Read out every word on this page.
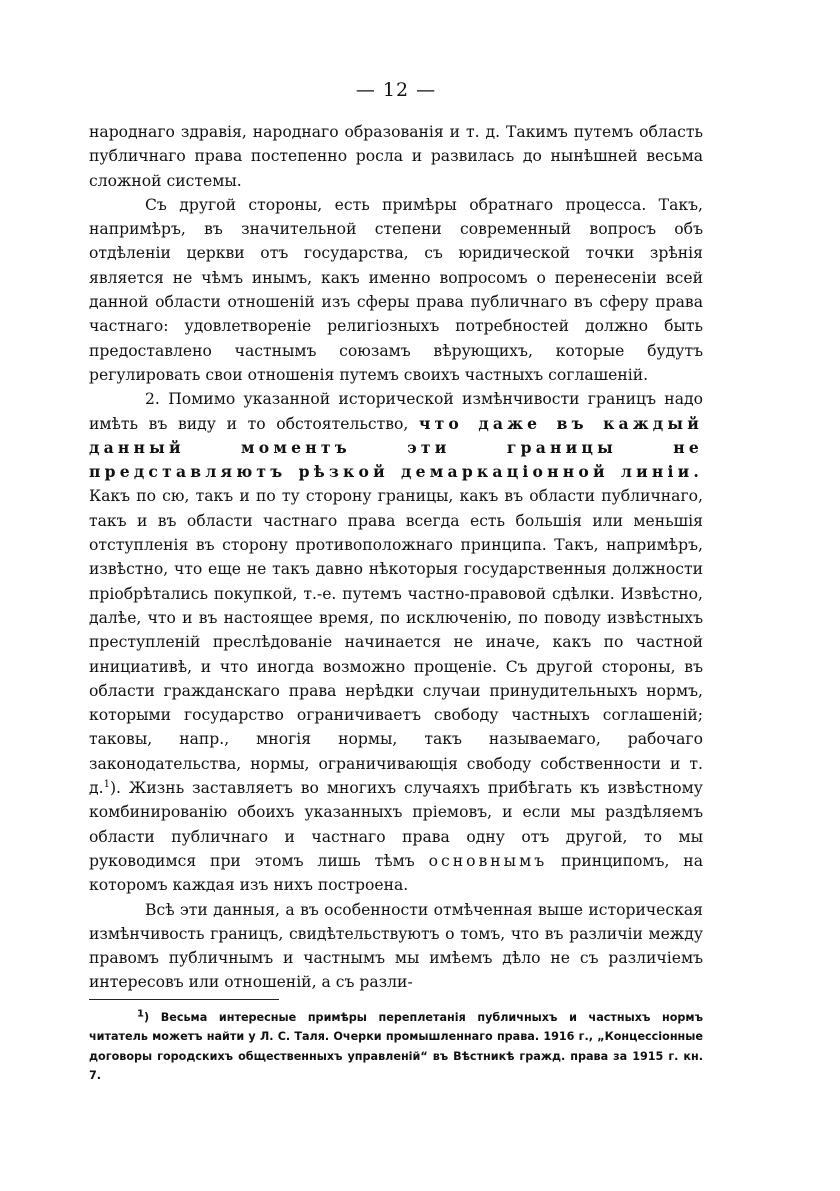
— 12 —

народнаго здравія, народнаго образованія и т. д. Такимъ путемъ область публичнаго права постепенно росла и развилась до нынѣшней весьма сложной системы.

Съ другой стороны, есть примѣры обратнаго процесса. Такъ, напримѣръ, въ значительной степени современный вопросъ объ отдѣленіи церкви отъ государства, съ юридической точки зрѣнія является не чѣмъ инымъ, какъ именно вопросомъ о перенесеніи всей данной области отношеній изъ сферы права публичнаго въ сферу права частнаго: удовлетвореніе религіозныхъ потребностей должно быть предоставлено частнымъ союзамъ вѣрующихъ, которые будутъ регулировать свои отношенія путемъ своихъ частныхъ соглашеній.

2. Помимо указанной исторической измѣнчивости границъ надо имѣть въ виду и то обстоятельство, что даже въ каждый данный моментъ эти границы не представляютъ рѣзкой демаркаціонной линіи. Какъ по сю, такъ и по ту сторону границы, какъ въ области публичнаго, такъ и въ области частнаго права всегда есть большія или меньшія отступленія въ сторону противоположнаго принципа. Такъ, напримѣръ, извѣстно, что еще не такъ давно нѣкоторыя государственныя должности пріобрѣтались покупкой, т.-е. путемъ частно-правовой сдѣлки. Извѣстно, далѣе, что и въ настоящее время, по исключенію, по поводу извѣстныхъ преступленій преслѣдованіе начинается не иначе, какъ по частной инициативѣ, и что иногда возможно прощеніе. Съ другой стороны, въ области гражданскаго права нерѣдки случаи принудительныхъ нормъ, которыми государство ограничиваетъ свободу частныхъ соглашеній; таковы, напр., многія нормы, такъ называемаго, рабочаго законодательства, нормы, ограничивающія свободу собственности и т. д.$^1$). Жизнь заставляетъ во многихъ случаяхъ прибѣгать къ извѣстному комбинированію обоихъ указанныхъ пріемовъ, и если мы раздѣляемъ области публичнаго и частнаго права одну отъ другой, то мы руководимся при этомъ лишь тѣмъ основнымъ принципомъ, на которомъ каждая изъ нихъ построена.

Всѣ эти данныя, а въ особенности отмѣченная выше историческая измѣнчивость границъ, свидѣтельствуютъ о томъ, что въ различіи между правомъ публичнымъ и частнымъ мы имѣемъ дѣло не съ различіемъ интересовъ или отношеній, а съ разли-

$^1$) Весьма интересные примѣры переплетанія публичныхъ и частныхъ нормъ читатель можетъ найти у Л. С. Таля. Очерки промышленнаго права. 1916 г., „Концессіонные договоры городскихъ общественныхъ управленій“ въ Вѣстникѣ гражд. права за 1915 г. кн. 7.
